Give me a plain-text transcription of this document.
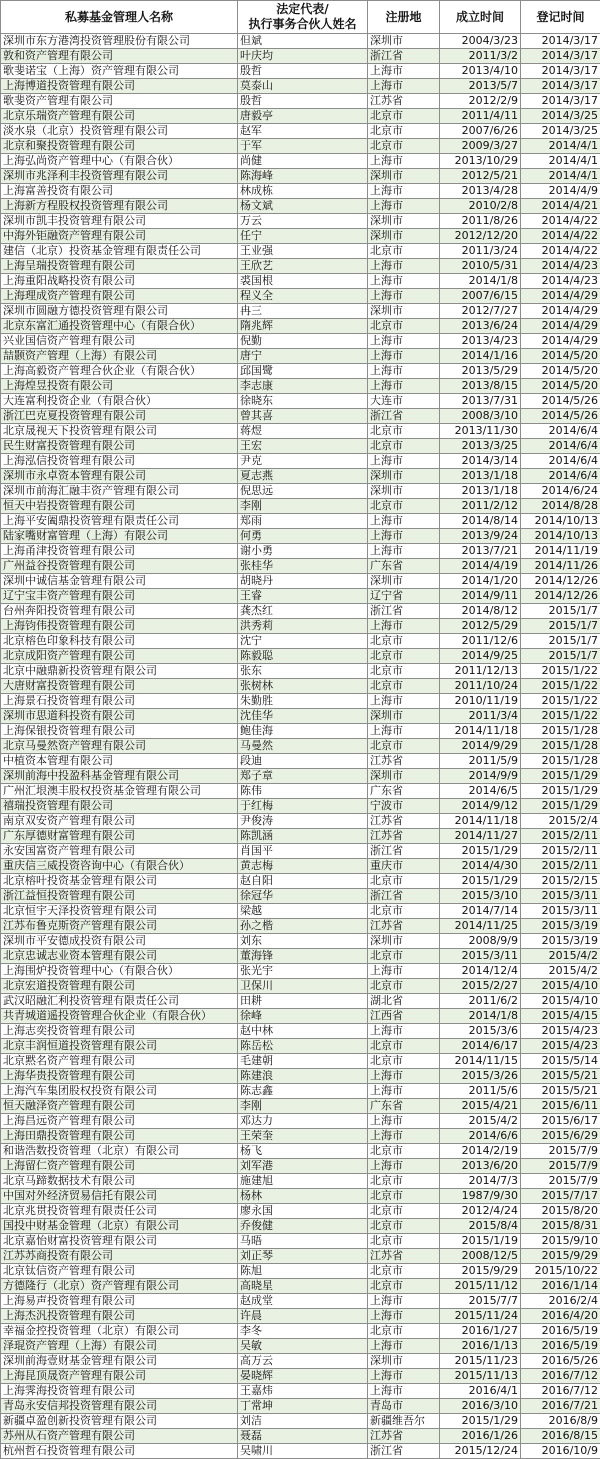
私募基金管理人名称	法定代表/
执行事务合伙人姓名	注册地	成立时间	登记时间
深圳市东方港湾投资管理股份有限公司	但斌	深圳市	2004/3/23	2014/3/17
敦和资产管理有限公司	叶庆均	浙江省	2011/3/2	2014/3/17
歌斐诺宝（上海）资产管理有限公司	殷哲	上海市	2013/4/10	2014/3/17
上海博道投资管理有限公司	莫泰山	上海市	2013/5/7	2014/3/17
歌斐资产管理有限公司	殷哲	江苏省	2012/2/9	2014/3/17
北京乐瑞资产管理有限公司	唐毅亭	北京市	2011/4/11	2014/3/25
淡水泉（北京）投资管理有限公司	赵军	北京市	2007/6/26	2014/3/25
北京和聚投资管理有限公司	于军	北京市	2009/3/27	2014/4/1
上海弘尚资产管理中心（有限合伙）	尚健	上海市	2013/10/29	2014/4/1
深圳市兆泽利丰投资管理有限公司	陈海峰	深圳市	2012/5/21	2014/4/1
上海富善投资有限公司	林成栋	上海市	2013/4/28	2014/4/9
上海新方程股权投资管理有限公司	杨文斌	上海市	2010/2/8	2014/4/21
深圳市凯丰投资管理有限公司	万云	深圳市	2011/8/26	2014/4/22
中海外钜融资产管理有限公司	任宁	深圳市	2012/12/20	2014/4/22
建信（北京）投资基金管理有限责任公司	王业强	北京市	2011/3/24	2014/4/22
上海呈瑞投资管理有限公司	王欣艺	上海市	2010/5/31	2014/4/23
上海重阳战略投资有限公司	裘国根	上海市	2014/1/8	2014/4/23
上海理成资产管理有限公司	程义全	上海市	2007/6/15	2014/4/29
深圳市圆融方德投资管理有限公司	冉三	深圳市	2012/7/27	2014/4/29
北京东富汇通投资管理中心（有限合伙）	隋兆辉	北京市	2013/6/24	2014/4/29
兴业国信资产管理有限公司	倪勤	上海市	2013/4/23	2014/4/29
喆颢资产管理（上海）有限公司	唐宁	上海市	2014/1/16	2014/5/20
上海高毅资产管理合伙企业（有限合伙）	邱国鹭	上海市	2013/5/29	2014/5/20
上海煌昱投资有限公司	李志康	上海市	2013/8/15	2014/5/20
大连富利投资企业（有限合伙）	徐晓东	大连市	2013/7/31	2014/5/26
浙江巴克夏投资管理有限公司	曾其喜	浙江省	2008/3/10	2014/5/26
北京晟视天下投资管理有限公司	蒋煜	北京市	2013/11/30	2014/6/4
民生财富投资管理有限公司	王宏	北京市	2013/3/25	2014/6/4
上海泓信投资管理有限公司	尹克	上海市	2014/3/14	2014/6/4
深圳市永卓资本管理有限公司	夏志燕	深圳市	2013/1/18	2014/6/4
深圳市前海汇融丰资产管理有限公司	倪思远	深圳市	2013/1/18	2014/6/24
恒天中岩投资管理有限公司	李刚	北京市	2011/2/12	2014/8/28
上海平安阖鼎投资管理有限责任公司	郑雨	上海市	2014/8/14	2014/10/13
陆家嘴财富管理（上海）有限公司	何勇	上海市	2013/9/24	2014/10/13
上海甬津投资管理有限公司	谢小勇	上海市	2013/7/21	2014/11/19
广州益谷投资管理有限公司	张桂华	广东省	2014/4/19	2014/11/26
深圳中诚信基金管理有限公司	胡晓丹	深圳市	2014/1/20	2014/12/26
辽宁宝丰资产管理有限公司	王睿	辽宁省	2014/9/11	2014/12/26
台州奔阳投资管理有限公司	龚杰红	浙江省	2014/8/12	2015/1/7
上海钧伟投资管理有限公司	洪秀莉	上海市	2012/5/29	2015/1/7
北京榕色印象科技有限公司	沈宁	北京市	2011/12/6	2015/1/7
北京成阳资产管理有限公司	陈毅聪	北京市	2014/9/25	2015/1/7
北京中融鼎新投资管理有限公司	张东	北京市	2011/12/13	2015/1/22
大唐财富投资管理有限公司	张树林	北京市	2011/10/24	2015/1/22
上海景石投资管理有限公司	朱勤胜	上海市	2010/11/19	2015/1/22
深圳市思道科投资有限公司	沈佳华	深圳市	2011/3/4	2015/1/22
上海保银投资管理有限公司	鲍佳海	上海市	2014/11/18	2015/1/28
北京马曼然资产管理有限公司	马曼然	北京市	2014/9/29	2015/1/28
中植资本管理有限公司	段迪	江苏省	2011/5/9	2015/1/28
深圳前海中投盈科基金管理有限公司	郑子章	深圳市	2014/9/9	2015/1/29
广州汇垠澳丰股权投资基金管理有限公司	陈伟	广东省	2014/6/5	2015/1/29
禧瑞投资管理有限公司	于红梅	宁波市	2014/9/12	2015/1/29
南京双安资产管理有限公司	尹俊涛	江苏省	2014/11/18	2015/2/4
广东厚德财富管理有限公司	陈凯涵	江苏省	2014/11/27	2015/2/11
永安国富资产管理有限公司	肖国平	浙江省	2015/1/29	2015/2/11
重庆信三威投资咨询中心（有限合伙）	黄志梅	重庆市	2014/4/30	2015/2/11
北京榕叶投资基金管理有限公司	赵自阳	北京市	2015/1/29	2015/2/15
浙江益恒投资管理有限公司	徐冠华	浙江省	2015/3/10	2015/3/11
北京恒宇天泽投资管理有限公司	梁越	北京市	2014/7/14	2015/3/11
江苏布鲁克斯资产管理有限公司	孙之楷	江苏省	2014/11/25	2015/3/19
深圳市平安德成投资有限公司	刘东	深圳市	2008/9/9	2015/3/19
北京忠诚志业资本管理有限公司	董海锋	北京市	2015/3/11	2015/4/2
上海围炉投资管理中心（有限合伙）	张光宇	上海市	2014/12/4	2015/4/2
北京宏道投资管理有限公司	卫保川	北京市	2015/2/27	2015/4/10
武汉昭融汇利投资管理有限责任公司	田耕	湖北省	2011/6/2	2015/4/10
共青城道遥投资管理合伙企业（有限合伙）	徐峰	江西省	2014/1/8	2015/4/15
上海志奕投资管理有限公司	赵中林	上海市	2015/3/6	2015/4/23
北京丰润恒道投资管理有限公司	陈岳松	北京市	2014/6/17	2015/4/23
北京黙名资产管理有限公司	毛建朝	北京市	2014/11/15	2015/5/14
上海华贵投资管理有限公司	陈建浪	上海市	2015/3/26	2015/5/21
上海汽车集团股权投资有限公司	陈志鑫	上海市	2011/5/6	2015/5/21
恒天融泽资产管理有限公司	李刚	广东省	2015/4/21	2015/6/11
上海昌远资产管理有限公司	邓达力	上海市	2015/4/2	2015/6/17
上海田鼎投资管理有限公司	王荣奎	上海市	2014/6/6	2015/6/29
和谐浩数投资管理（北京）有限公司	杨飞	北京市	2014/2/19	2015/7/9
上海留仁资产管理有限公司	刘军港	上海市	2013/6/20	2015/7/9
北京马蹄数据技术有限公司	施建旭	北京市	2014/7/3	2015/7/9
中国对外经济贸易信托有限公司	杨林	北京市	1987/9/30	2015/7/17
北京兆贯投资管理有限责任公司	廖永国	北京市	2012/4/24	2015/8/20
国投中财基金管理（北京）有限公司	乔俊健	北京市	2015/8/4	2015/8/31
北京嘉怡财富投资管理有限公司	马晤	北京市	2015/1/19	2015/9/10
江苏苏商投资有限公司	刘正琴	江苏省	2008/12/5	2015/9/29
北京钛信资产管理有限公司	陈旭	北京市	2015/9/29	2015/10/22
方德隆行（北京）资产管理有限公司	高晓星	北京市	2015/11/12	2016/1/14
上海易声投资管理有限公司	赵成堂	上海市	2015/7/7	2016/2/4
上海杰汎投资管理有限公司	许晨	上海市	2015/11/24	2016/4/20
幸福金控投资管理（北京）有限公司	李冬	北京市	2016/1/27	2016/5/19
泽琨资产管理（上海）有限公司	吴敏	上海市	2016/1/13	2016/5/19
深圳前海壹财基金管理有限公司	高万云	深圳市	2015/11/23	2016/5/26
上海昆顶晟资产管理有限公司	晏晓辉	上海市	2015/11/13	2016/7/12
上海霁海投资管理有限公司	王嘉炜	上海市	2016/4/1	2016/7/12
青岛永安信邦投资管理有限公司	丁常坤	青岛市	2016/3/10	2016/7/21
新疆卓盈创新投资管理有限公司	刘洁	新疆维吾尔	2015/1/29	2016/8/9
苏州从石资产管理有限公司	聂磊	江苏省	2016/1/26	2016/8/15
杭州哲石投资管理有限公司	吴啸川	浙江省	2015/12/24	2016/10/9
